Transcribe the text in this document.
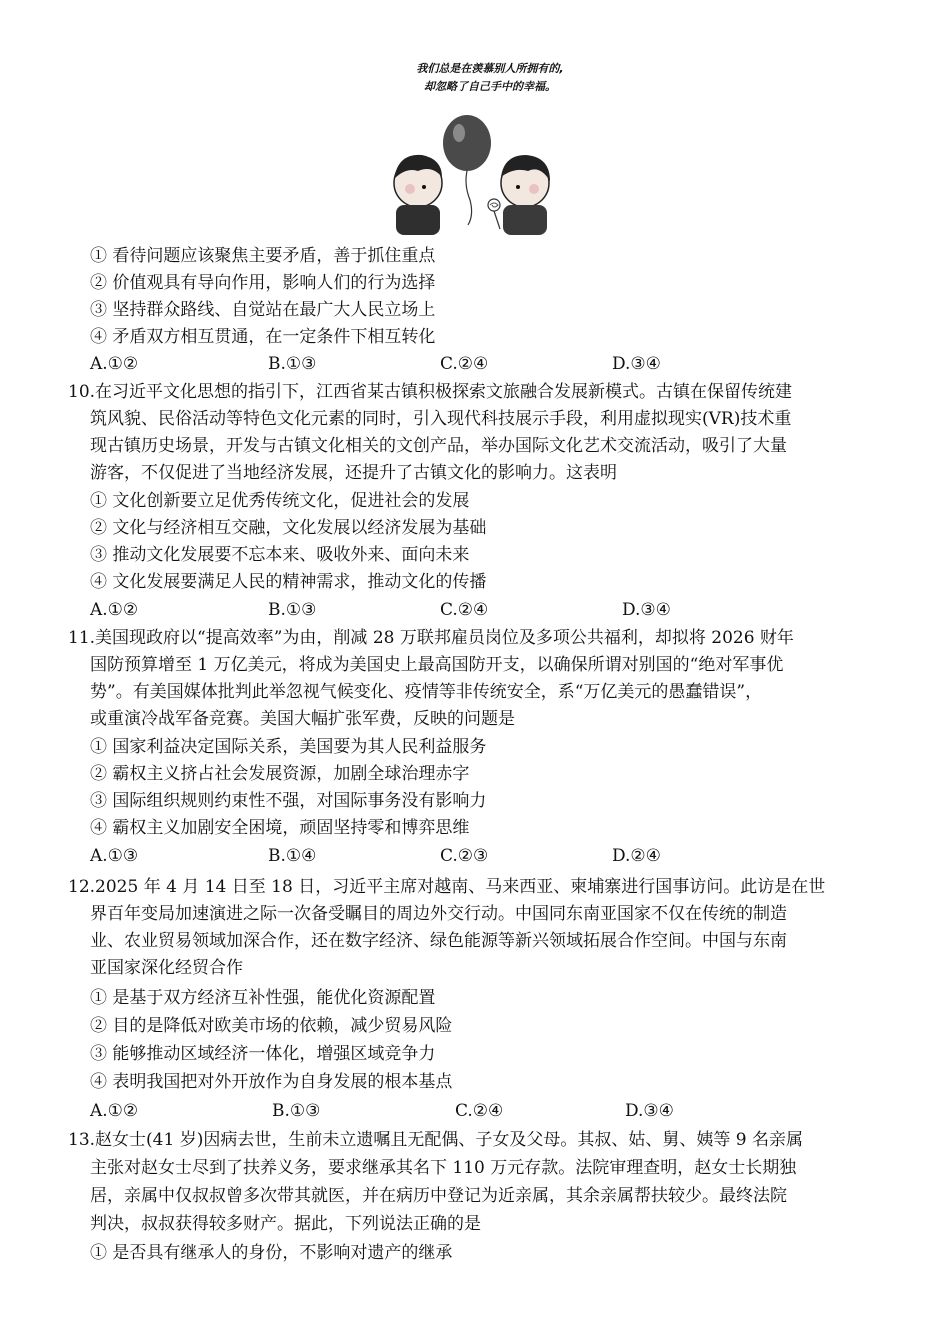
我们总是在羡慕别人所拥有的,
却忽略了自己手中的幸福。
① 看待问题应该聚焦主要矛盾，善于抓住重点
② 价值观具有导向作用，影响人们的行为选择
③ 坚持群众路线、自觉站在最广大人民立场上
④ 矛盾双方相互贯通，在一定条件下相互转化
A.①②	B.①③	C.②④	D.③④
10.在习近平文化思想的指引下，江西省某古镇积极探索文旅融合发展新模式。古镇在保留传统建
筑风貌、民俗活动等特色文化元素的同时，引入现代科技展示手段，利用虚拟现实(VR)技术重
现古镇历史场景，开发与古镇文化相关的文创产品，举办国际文化艺术交流活动，吸引了大量
游客，不仅促进了当地经济发展，还提升了古镇文化的影响力。这表明
① 文化创新要立足优秀传统文化，促进社会的发展
② 文化与经济相互交融，文化发展以经济发展为基础
③ 推动文化发展要不忘本来、吸收外来、面向未来
④ 文化发展要满足人民的精神需求，推动文化的传播
A.①②	B.①③	C.②④	D.③④
11.美国现政府以“提高效率”为由，削减 28 万联邦雇员岗位及多项公共福利，却拟将 2026 财年
国防预算增至 1 万亿美元，将成为美国史上最高国防开支，以确保所谓对别国的“绝对军事优
势”。有美国媒体批判此举忽视气候变化、疫情等非传统安全，系“万亿美元的愚蠢错误”，
或重演冷战军备竞赛。美国大幅扩张军费，反映的问题是
① 国家利益决定国际关系，美国要为其人民利益服务
② 霸权主义挤占社会发展资源，加剧全球治理赤字
③ 国际组织规则约束性不强，对国际事务没有影响力
④ 霸权主义加剧安全困境，顽固坚持零和博弈思维
A.①③	B.①④	C.②③	D.②④
12.2025 年 4 月 14 日至 18 日，习近平主席对越南、马来西亚、柬埔寨进行国事访问。此访是在世
界百年变局加速演进之际一次备受瞩目的周边外交行动。中国同东南亚国家不仅在传统的制造
业、农业贸易领域加深合作，还在数字经济、绿色能源等新兴领域拓展合作空间。中国与东南
亚国家深化经贸合作
① 是基于双方经济互补性强，能优化资源配置
② 目的是降低对欧美市场的依赖，减少贸易风险
③ 能够推动区域经济一体化，增强区域竞争力
④ 表明我国把对外开放作为自身发展的根本基点
A.①②	B.①③	C.②④	D.③④
13.赵女士(41 岁)因病去世，生前未立遗嘱且无配偶、子女及父母。其叔、姑、舅、姨等 9 名亲属
主张对赵女士尽到了扶养义务，要求继承其名下 110 万元存款。法院审理查明，赵女士长期独
居，亲属中仅叔叔曾多次带其就医，并在病历中登记为近亲属，其余亲属帮扶较少。最终法院
判决，叔叔获得较多财产。据此，下列说法正确的是
① 是否具有继承人的身份，不影响对遗产的继承
